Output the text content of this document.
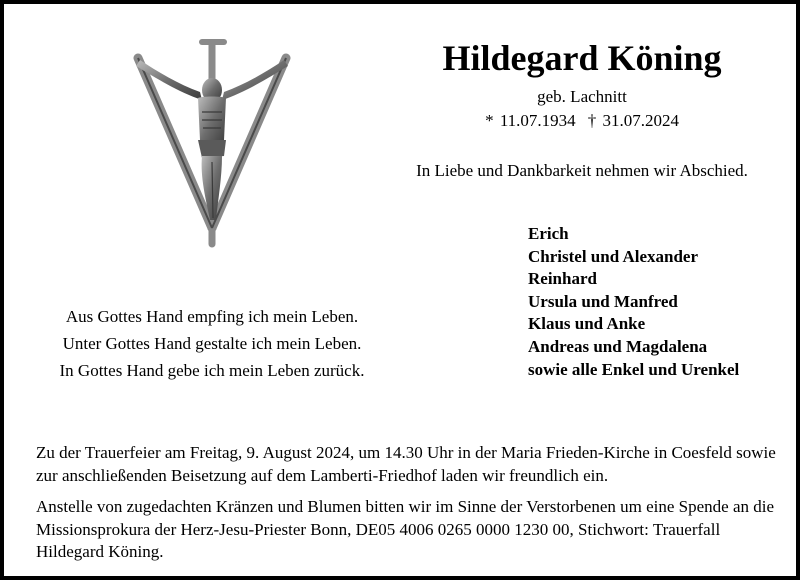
Hildegard Köning
geb. Lachnitt
* 11.07.1934 † 31.07.2024
In Liebe und Dankbarkeit nehmen wir Abschied.
Erich
Christel und Alexander
Reinhard
Ursula und Manfred
Klaus und Anke
Andreas und Magdalena
sowie alle Enkel und Urenkel
Aus Gottes Hand empfing ich mein Leben.
Unter Gottes Hand gestalte ich mein Leben.
In Gottes Hand gebe ich mein Leben zurück.

Zu der Trauerfeier am Freitag, 9. August 2024, um 14.30 Uhr in der Maria Frieden-Kirche in Coesfeld sowie zur anschließenden Beisetzung auf dem Lamberti-Friedhof laden wir freundlich ein.

Anstelle von zugedachten Kränzen und Blumen bitten wir im Sinne der Verstorbenen um eine Spende an die Missionsprokura der Herz-Jesu-Priester Bonn, DE05 4006 0265 0000 1230 00, Stichwort: Trauerfall Hildegard Köning.
